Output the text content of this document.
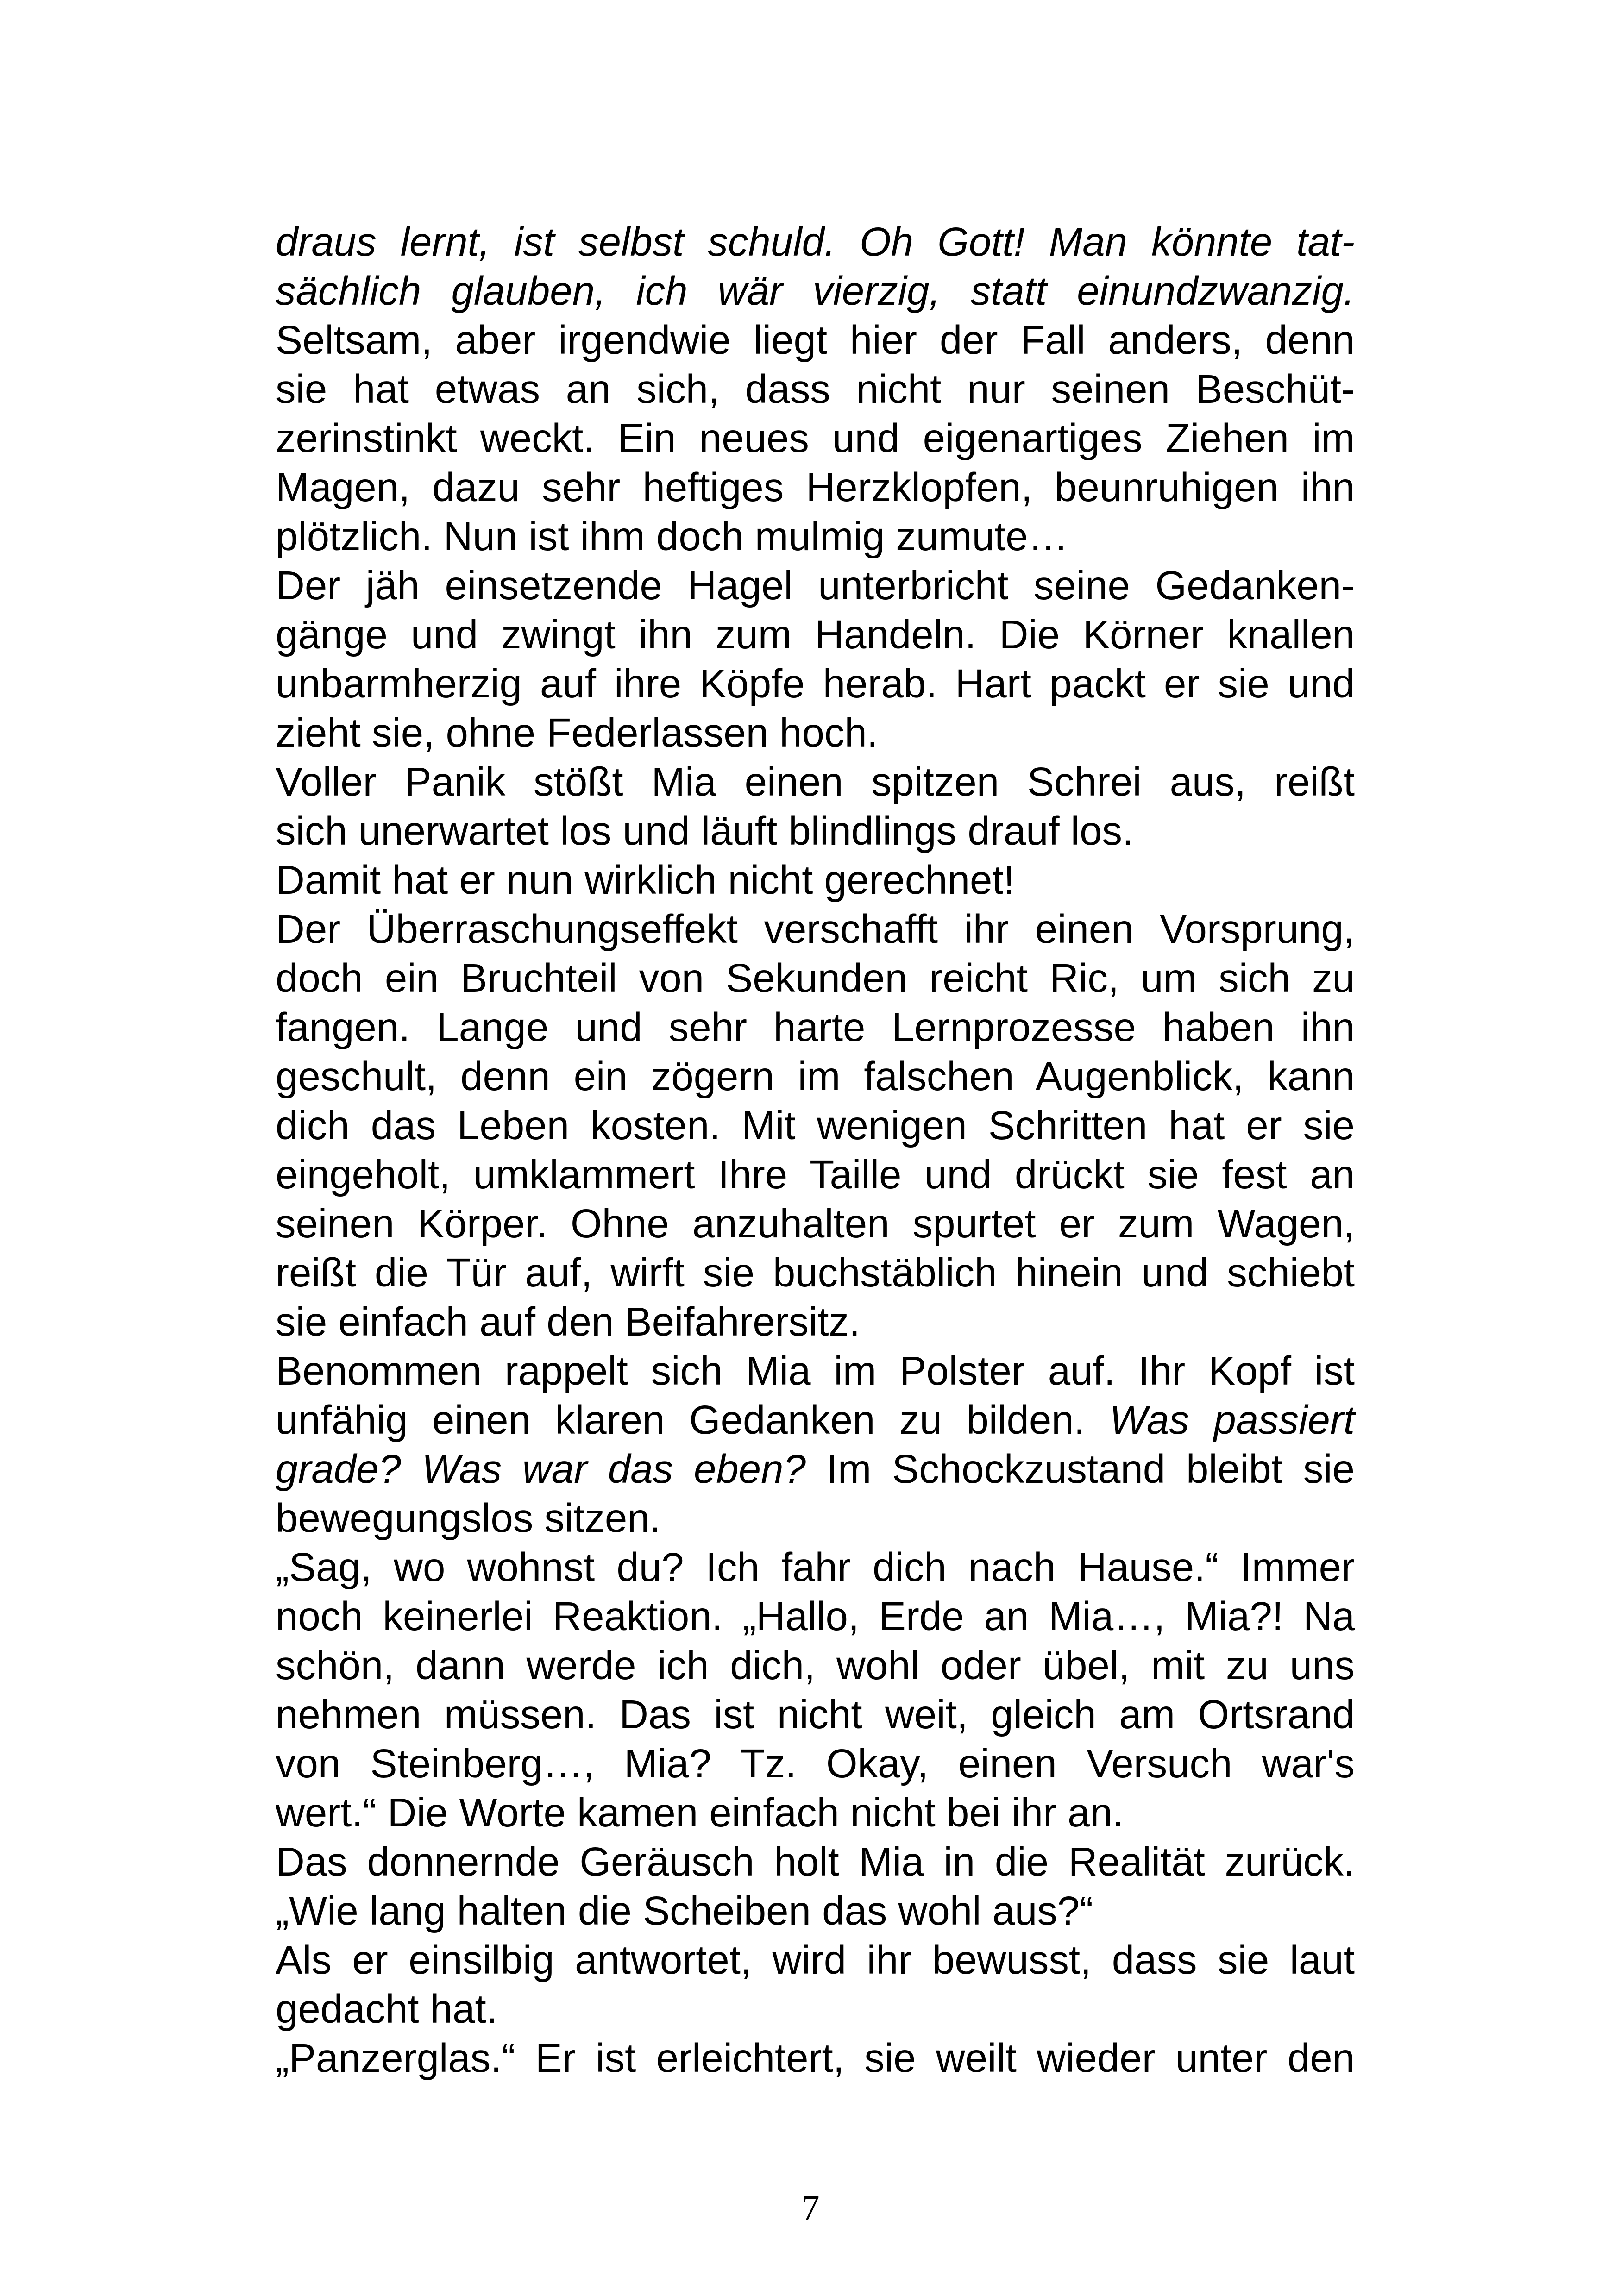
draus lernt, ist selbst schuld. Oh Gott! Man könnte tat-
sächlich glauben, ich wär vierzig, statt einundzwanzig.
Seltsam, aber irgendwie liegt hier der Fall anders, denn
sie hat etwas an sich, dass nicht nur seinen Beschüt-
zerinstinkt weckt. Ein neues und eigenartiges Ziehen im
Magen, dazu sehr heftiges Herzklopfen, beunruhigen ihn
plötzlich. Nun ist ihm doch mulmig zumute…
Der jäh einsetzende Hagel unterbricht seine Gedanken-
gänge und zwingt ihn zum Handeln. Die Körner knallen
unbarmherzig auf ihre Köpfe herab. Hart packt er sie und
zieht sie, ohne Federlassen hoch.
Voller Panik stößt Mia einen spitzen Schrei aus, reißt
sich unerwartet los und läuft blindlings drauf los.
Damit hat er nun wirklich nicht gerechnet!
Der Überraschungseffekt verschafft ihr einen Vorsprung,
doch ein Bruchteil von Sekunden reicht Ric, um sich zu
fangen. Lange und sehr harte Lernprozesse haben ihn
geschult, denn ein zögern im falschen Augenblick, kann
dich das Leben kosten. Mit wenigen Schritten hat er sie
eingeholt, umklammert Ihre Taille und drückt sie fest an
seinen Körper. Ohne anzuhalten spurtet er zum Wagen,
reißt die Tür auf, wirft sie buchstäblich hinein und schiebt
sie einfach auf den Beifahrersitz.
Benommen rappelt sich Mia im Polster auf. Ihr Kopf ist
unfähig einen klaren Gedanken zu bilden. Was passiert
grade? Was war das eben? Im Schockzustand bleibt sie
bewegungslos sitzen.
„Sag, wo wohnst du? Ich fahr dich nach Hause.“ Immer
noch keinerlei Reaktion. „Hallo, Erde an Mia…, Mia?! Na
schön, dann werde ich dich, wohl oder übel, mit zu uns
nehmen müssen. Das ist nicht weit, gleich am Ortsrand
von Steinberg…, Mia? Tz. Okay, einen Versuch war's
wert.“ Die Worte kamen einfach nicht bei ihr an.
Das donnernde Geräusch holt Mia in die Realität zurück.
„Wie lang halten die Scheiben das wohl aus?“
Als er einsilbig antwortet, wird ihr bewusst, dass sie laut
gedacht hat.
„Panzerglas.“ Er ist erleichtert, sie weilt wieder unter den
7
